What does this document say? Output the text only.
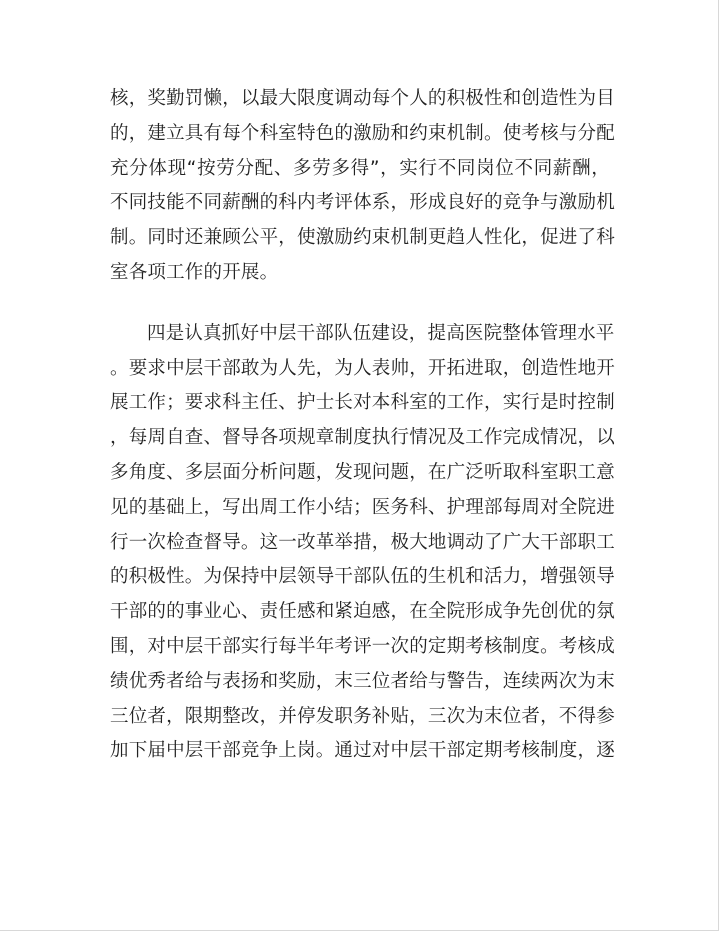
核，奖勤罚懒，以最大限度调动每个人的积极性和创造性为目
的，建立具有每个科室特色的激励和约束机制。使考核与分配
充分体现“按劳分配、多劳多得”，实行不同岗位不同薪酬，
不同技能不同薪酬的科内考评体系，形成良好的竞争与激励机
制。同时还兼顾公平，使激励约束机制更趋人性化，促进了科
室各项工作的开展。
四是认真抓好中层干部队伍建设，提高医院整体管理水平
。要求中层干部敢为人先，为人表帅，开拓进取，创造性地开
展工作；要求科主任、护士长对本科室的工作，实行是时控制
，每周自查、督导各项规章制度执行情况及工作完成情况，以
多角度、多层面分析问题，发现问题，在广泛听取科室职工意
见的基础上，写出周工作小结；医务科、护理部每周对全院进
行一次检查督导。这一改革举措，极大地调动了广大干部职工
的积极性。为保持中层领导干部队伍的生机和活力，增强领导
干部的的事业心、责任感和紧迫感，在全院形成争先创优的氛
围，对中层干部实行每半年考评一次的定期考核制度。考核成
绩优秀者给与表扬和奖励，末三位者给与警告，连续两次为末
三位者，限期整改，并停发职务补贴，三次为末位者，不得参
加下届中层干部竞争上岗。通过对中层干部定期考核制度，逐
